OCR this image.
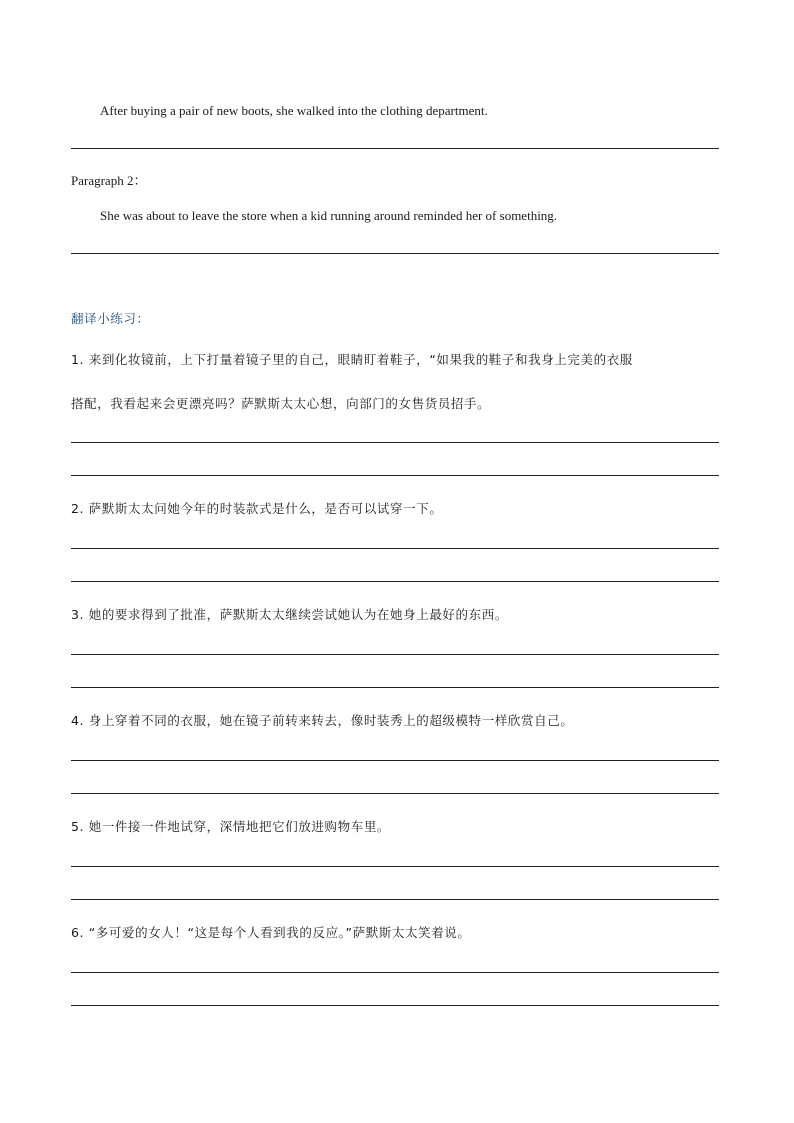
After buying a pair of new boots, she walked into the clothing department.
Paragraph 2：
She was about to leave the store when a kid running around reminded her of something.
翻译小练习：
1. 来到化妆镜前，上下打量着镜子里的自己，眼睛盯着鞋子，“如果我的鞋子和我身上完美的衣服
搭配，我看起来会更漂亮吗？萨默斯太太心想，向部门的女售货员招手。
2. 萨默斯太太问她今年的时装款式是什么，是否可以试穿一下。
3. 她的要求得到了批准，萨默斯太太继续尝试她认为在她身上最好的东西。
4. 身上穿着不同的衣服，她在镜子前转来转去，像时装秀上的超级模特一样欣赏自己。
5. 她一件接一件地试穿，深情地把它们放进购物车里。
6. “多可爱的女人！“这是每个人看到我的反应。”萨默斯太太笑着说。
